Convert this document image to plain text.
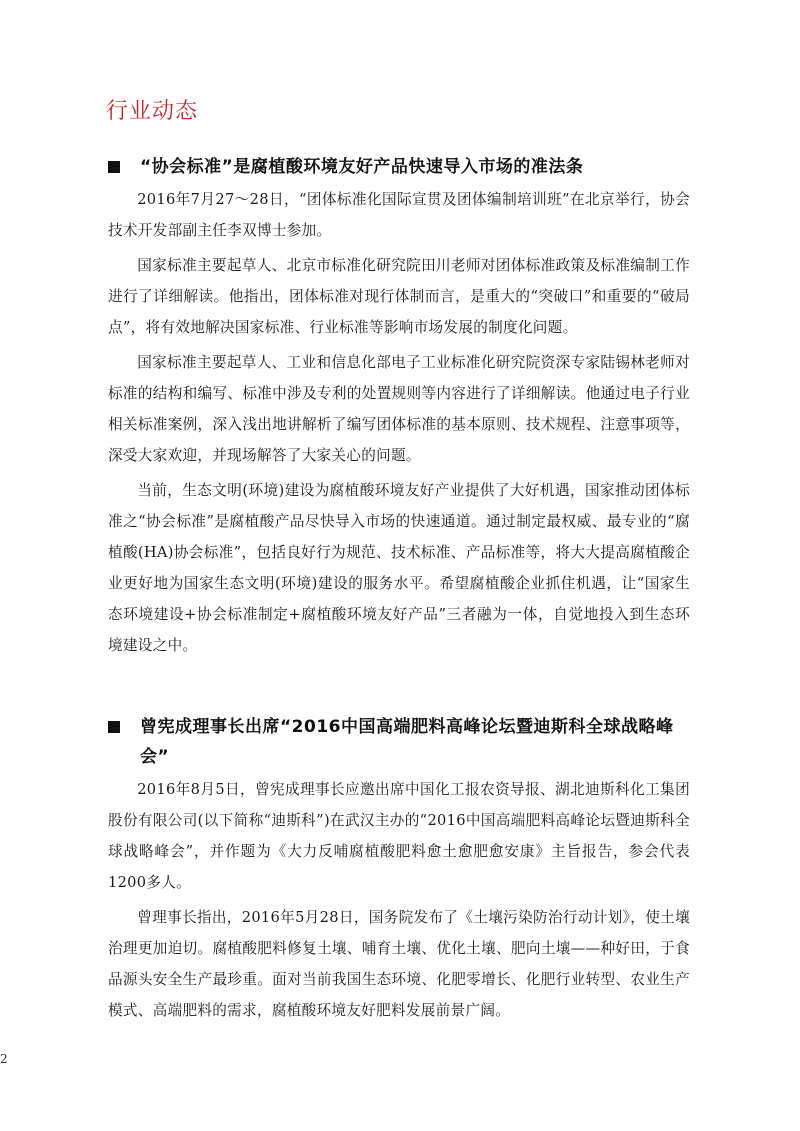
行业动态
“协会标准”是腐植酸环境友好产品快速导入市场的准法条

2016年7月27～28日，“团体标准化国际宣贯及团体编制培训班”在北京举行，协会技术开发部副主任李双博士参加。

国家标准主要起草人、北京市标准化研究院田川老师对团体标准政策及标准编制工作进行了详细解读。他指出，团体标准对现行体制而言，是重大的“突破口”和重要的“破局点”，将有效地解决国家标准、行业标准等影响市场发展的制度化问题。

国家标准主要起草人、工业和信息化部电子工业标准化研究院资深专家陆锡林老师对标准的结构和编写、标准中涉及专利的处置规则等内容进行了详细解读。他通过电子行业相关标准案例，深入浅出地讲解析了编写团体标准的基本原则、技术规程、注意事项等，深受大家欢迎，并现场解答了大家关心的问题。

当前，生态文明(环境)建设为腐植酸环境友好产业提供了大好机遇，国家推动团体标准之“协会标准”是腐植酸产品尽快导入市场的快速通道。通过制定最权威、最专业的“腐植酸(HA)协会标准”，包括良好行为规范、技术标准、产品标准等，将大大提高腐植酸企业更好地为国家生态文明(环境)建设的服务水平。希望腐植酸企业抓住机遇，让“国家生态环境建设+协会标准制定+腐植酸环境友好产品”三者融为一体，自觉地投入到生态环境建设之中。

曾宪成理事长出席“2016中国高端肥料高峰论坛暨迪斯科全球战略峰会”

2016年8月5日，曾宪成理事长应邀出席中国化工报农资导报、湖北迪斯科化工集团股份有限公司(以下简称“迪斯科”)在武汉主办的“2016中国高端肥料高峰论坛暨迪斯科全球战略峰会”，并作题为《大力反哺腐植酸肥料愈土愈肥愈安康》主旨报告，参会代表1200多人。

曾理事长指出，2016年5月28日，国务院发布了《土壤污染防治行动计划》，使土壤治理更加迫切。腐植酸肥料修复土壤、哺育土壤、优化土壤、肥向土壤——种好田，于食品源头安全生产最珍重。面对当前我国生态环境、化肥零增长、化肥行业转型、农业生产模式、高端肥料的需求，腐植酸环境友好肥料发展前景广阔。

2
